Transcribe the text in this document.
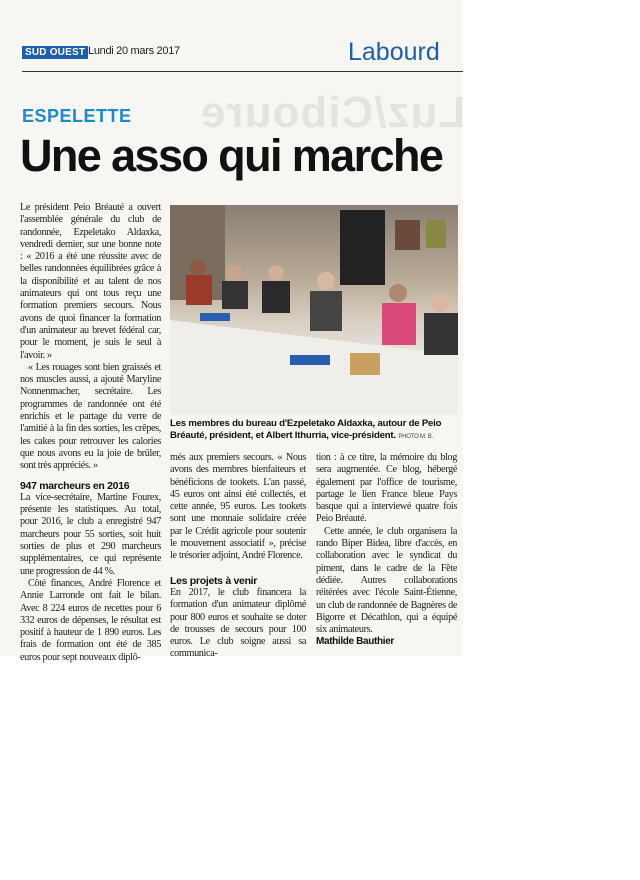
Luz/Ciboure
SUD OUEST Lundi 20 mars 2017	Labourd
ESPELETTE
Une asso qui marche

Le président Peio Bréauté a ouvert l'assemblée générale du club de randonnée, Ezpeletako Aldaxka, vendredi dernier, sur une bonne note : « 2016 a été une réussite avec de belles randonnées équilibrées grâce à la disponibilité et au talent de nos animateurs qui ont tous reçu une formation premiers secours. Nous avons de quoi financer la formation d'un animateur au brevet fédéral car, pour le moment, je suis le seul à l'avoir. »

« Les rouages sont bien graissés et nos muscles aussi, a ajouté Maryline Nonnenmacher, secrétaire. Les programmes de randonnée ont été enrichis et le partage du verre de l'amitié à la fin des sorties, les crêpes, les cakes pour retrouver les calories que nous avons eu la joie de brûler, sont très appréciés. »

947 marcheurs en 2016

La vice-secrétaire, Martine Fourex, présente les statistiques. Au total, pour 2016, le club a enregistré 947 marcheurs pour 55 sorties, soit huit sorties de plus et 290 marcheurs supplémentaires, ce qui représente une progression de 44 %.

Côté finances, André Florence et Annie Larronde ont fait le bilan. Avec 8 224 euros de recettes pour 6 332 euros de dépenses, le résultat est positif à hauteur de 1 890 euros. Les frais de formation ont été de 385 euros pour sept nouveaux diplô-

Les membres du bureau d'Ezpeletako Aldaxka, autour de Peio Bréauté, président, et Albert Ithurria, vice-président. PHOTO M. B.

més aux premiers secours. « Nous avons des membres bienfaiteurs et bénéficions de tookets. L'an passé, 45 euros ont ainsi été collectés, et cette année, 95 euros. Les tookets sont une monnaie solidaire créée par le Crédit agricole pour soutenir le mouvement associatif », précise le trésorier adjoint, André Florence.

Les projets à venir

En 2017, le club financera la formation d'un animateur diplômé pour 800 euros et souhaite se doter de trousses de secours pour 100 euros. Le club soigne aussi sa communica-

tion : à ce titre, la mémoire du blog sera augmentée. Ce blog, hébergé également par l'office de tourisme, partage le lien France bleue Pays basque qui a interviewé quatre fois Peio Bréauté.

Cette année, le club organisera la rando Biper Bidea, libre d'accès, en collaboration avec le syndicat du piment, dans le cadre de la Fête dédiée. Autres collaborations réitérées avec l'école Saint-Étienne, un club de randonnée de Bagnères de Bigorre et Décathlon, qui a équipé six animateurs.

Mathilde Bauthier
